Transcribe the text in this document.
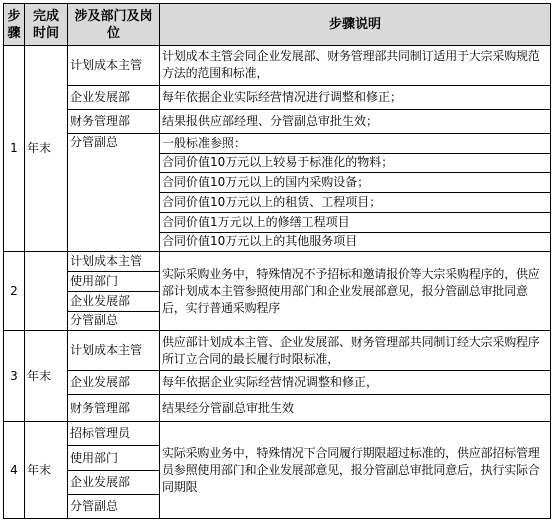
步骤	完成时间	涉及部门及岗位	步骤说明
1	年末	计划成本主管	计划成本主管会同企业发展部、财务管理部共同制订适用于大宗采购规范方法的范围和标准，
		企业发展部	每年依据企业实际经营情况进行调整和修正；
		财务管理部	结果报供应部经理、分管副总审批生效；
		分管副总	一般标准参照：
			合同价值10万元以上较易于标准化的物料；
			合同价值10万元以上的国内采购设备；
			合同价值10万元以上的租赁、工程项目；
			合同价值1万元以上的修缮工程项目
			合同价值10万元以上的其他服务项目
2		计划成本主管	实际采购业务中，特殊情况不予招标和邀请报价等大宗采购程序的，供应部计划成本主管参照使用部门和企业发展部意见，报分管副总审批同意后，实行普通采购程序
		使用部门	
		企业发展部	
		分管副总	
3	年末	计划成本主管	供应部计划成本主管、企业发展部、财务管理部共同制订经大宗采购程序所订立合同的最长履行时限标准，
		企业发展部	每年依据企业实际经营情况调整和修正，
		财务管理部	结果经分管副总审批生效
4	年末	招标管理员	实际采购业务中，特殊情况下合同履行期限超过标准的，供应部招标管理员参照使用部门和企业发展部意见，报分管副总审批同意后，执行实际合同期限
		使用部门	
		企业发展部	
		分管副总	
